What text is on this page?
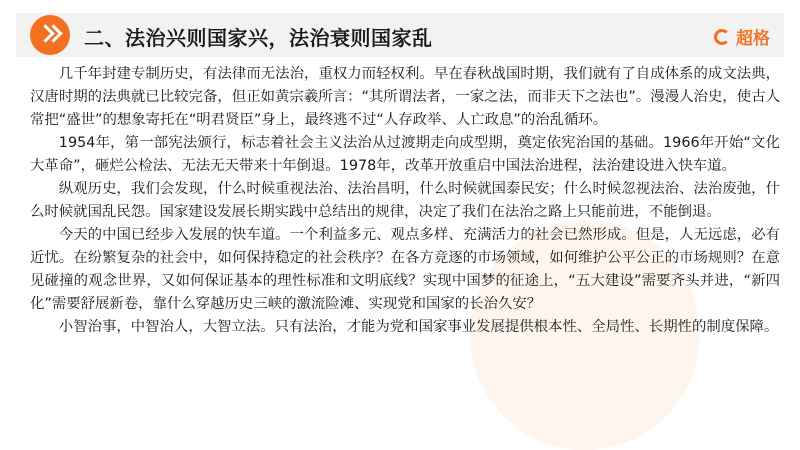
二、法治兴则国家兴，法治衰则国家乱	超格

几千年封建专制历史，有法律而无法治，重权力而轻权利。早在春秋战国时期，我们就有了自成体系的成文法典，汉唐时期的法典就已比较完备，但正如黄宗羲所言：“其所谓法者，一家之法，而非天下之法也”。漫漫人治史，使古人常把“盛世”的想象寄托在“明君贤臣”身上，最终逃不过“人存政举、人亡政息”的治乱循环。

1954年，第一部宪法颁行，标志着社会主义法治从过渡期走向成型期，奠定依宪治国的基础。1966年开始“文化大革命”，砸烂公检法、无法无天带来十年倒退。1978年，改革开放重启中国法治进程，法治建设进入快车道。

纵观历史，我们会发现，什么时候重视法治、法治昌明，什么时候就国泰民安；什么时候忽视法治、法治废弛，什么时候就国乱民怨。国家建设发展长期实践中总结出的规律，决定了我们在法治之路上只能前进，不能倒退。

今天的中国已经步入发展的快车道。一个利益多元、观点多样、充满活力的社会已然形成。但是，人无远虑，必有近忧。在纷繁复杂的社会中，如何保持稳定的社会秩序？在各方竞逐的市场领域，如何维护公平公正的市场规则？在意见碰撞的观念世界，又如何保证基本的理性标准和文明底线？实现中国梦的征途上，“五大建设”需要齐头并进，“新四化”需要舒展新卷，靠什么穿越历史三峡的激流险滩、实现党和国家的长治久安？

小智治事，中智治人，大智立法。只有法治，才能为党和国家事业发展提供根本性、全局性、长期性的制度保障。
